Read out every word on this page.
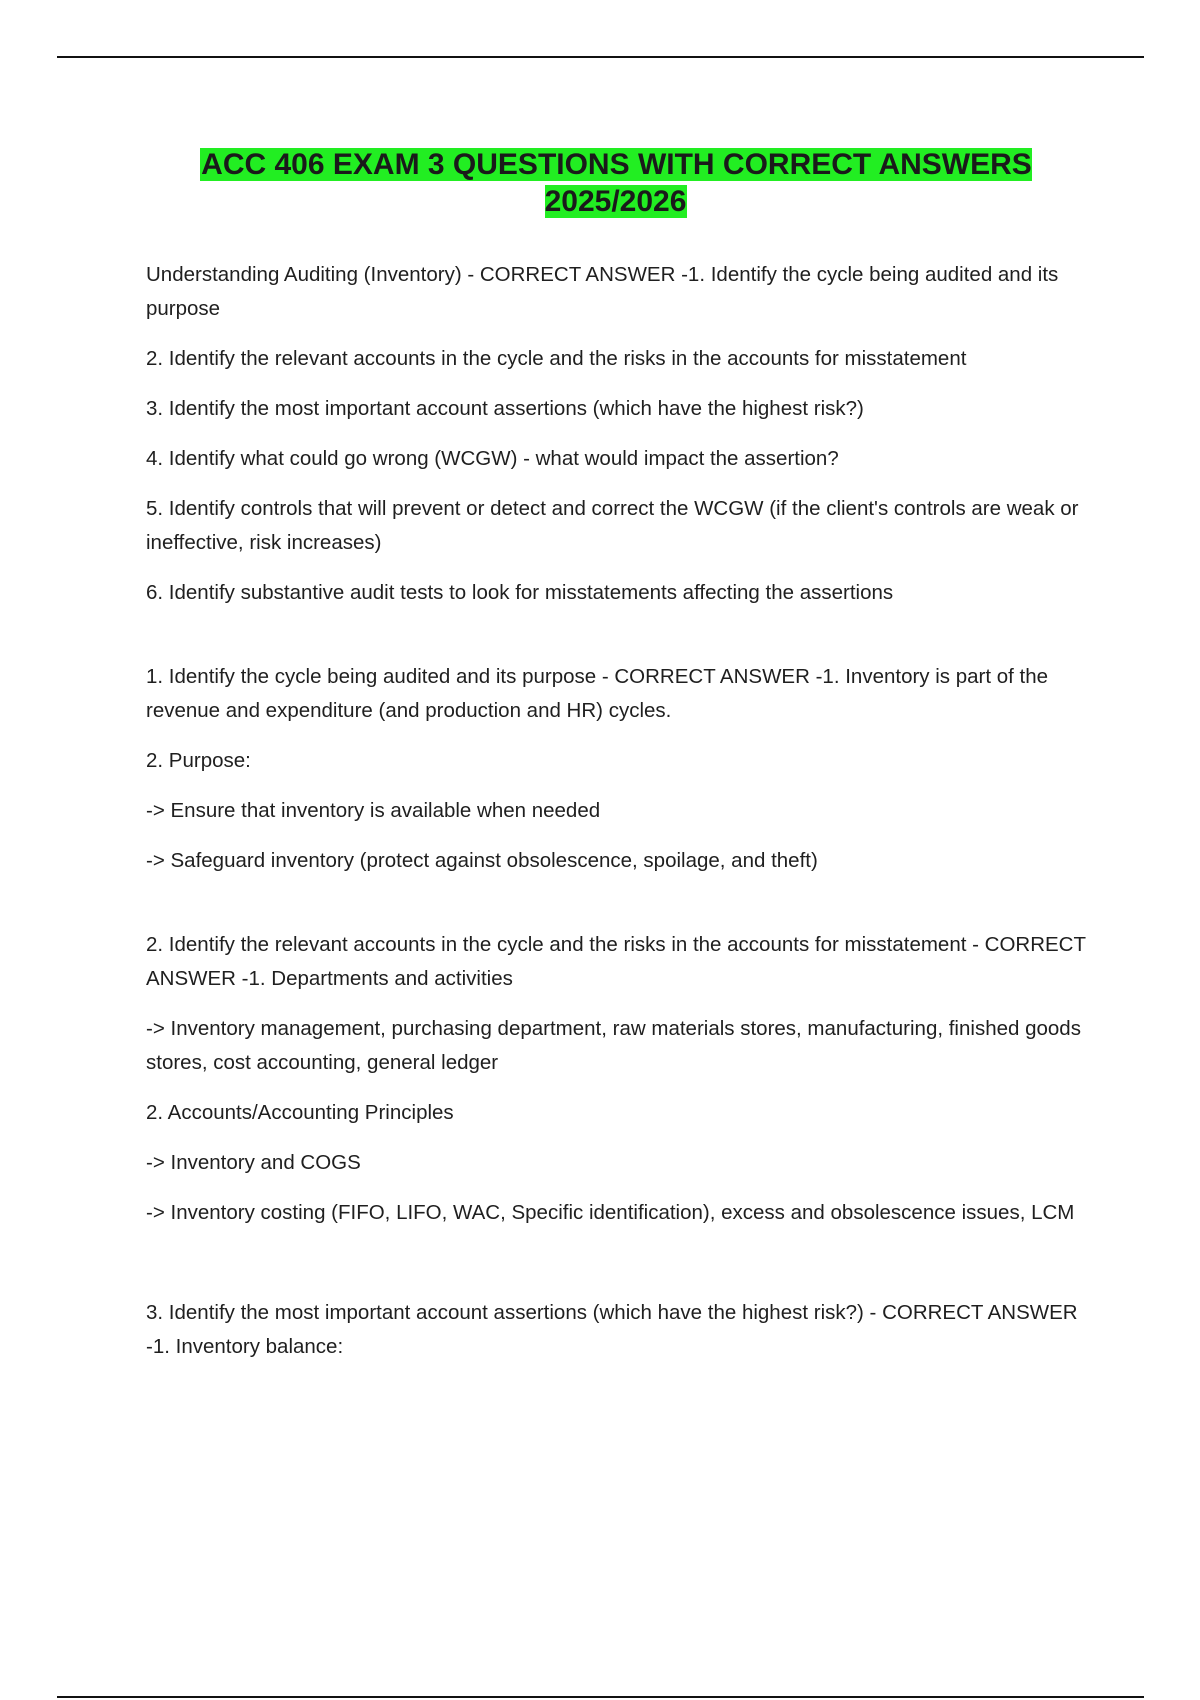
ACC 406 EXAM 3 QUESTIONS WITH CORRECT ANSWERS 2025/2026

Understanding Auditing (Inventory) - CORRECT ANSWER -1. Identify the cycle being audited and its purpose

2. Identify the relevant accounts in the cycle and the risks in the accounts for misstatement

3. Identify the most important account assertions (which have the highest risk?)

4. Identify what could go wrong (WCGW) - what would impact the assertion?

5. Identify controls that will prevent or detect and correct the WCGW (if the client's controls are weak or ineffective, risk increases)

6. Identify substantive audit tests to look for misstatements affecting the assertions

1. Identify the cycle being audited and its purpose - CORRECT ANSWER -1. Inventory is part of the revenue and expenditure (and production and HR) cycles.

2. Purpose:

-> Ensure that inventory is available when needed

-> Safeguard inventory (protect against obsolescence, spoilage, and theft)

2. Identify the relevant accounts in the cycle and the risks in the accounts for misstatement - CORRECT ANSWER -1. Departments and activities

-> Inventory management, purchasing department, raw materials stores, manufacturing, finished goods stores, cost accounting, general ledger

2. Accounts/Accounting Principles

-> Inventory and COGS

-> Inventory costing (FIFO, LIFO, WAC, Specific identification), excess and obsolescence issues, LCM

3. Identify the most important account assertions (which have the highest risk?) - CORRECT ANSWER -1. Inventory balance:
